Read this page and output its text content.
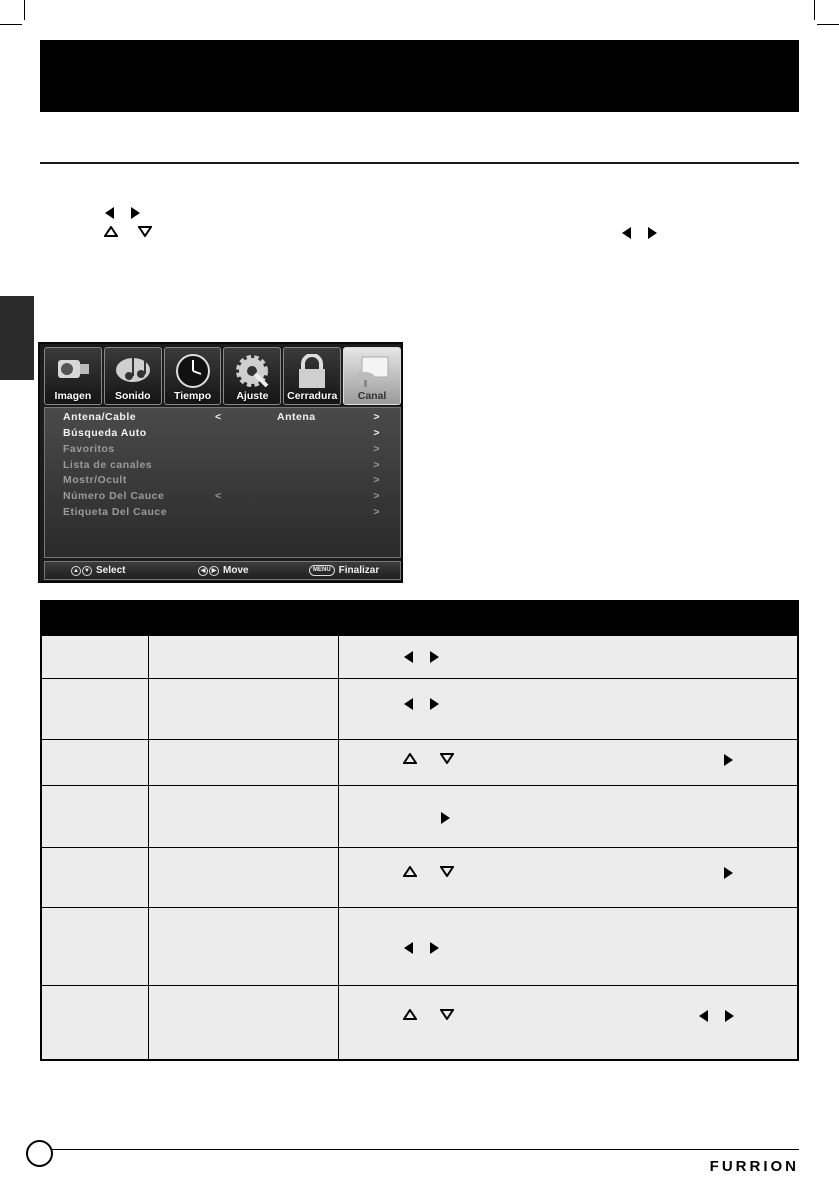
Imagen	Sonido	Tiempo	Ajuste	Cerradura	Canal
Antena/Cable	<	Antena	>
Búsqueda Auto	>
Favoritos	>
Lista de canales	>
Mostr/Ocult	>
Número Del Cauce	<	>
Etiqueta Del Cauce	>
▲ ▼ Select	◀	▶ Move	MENU Finalizar
FURRION
